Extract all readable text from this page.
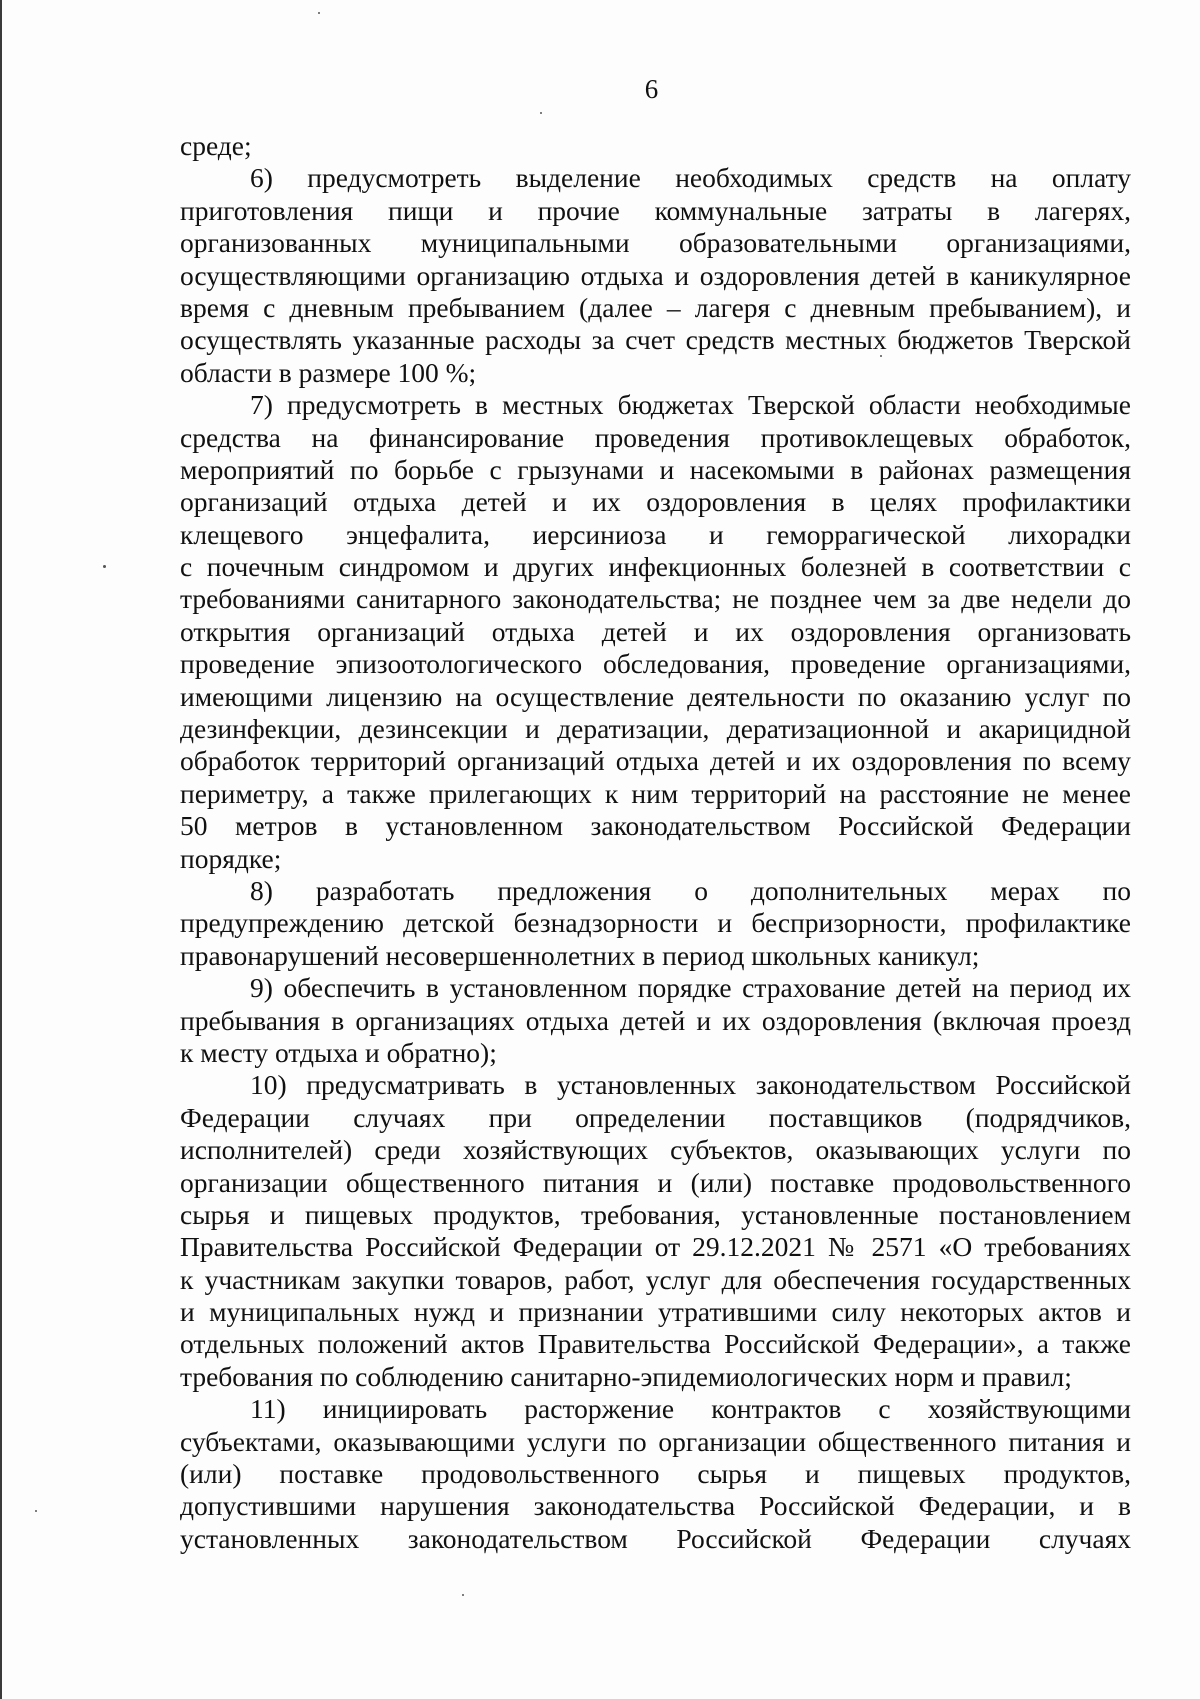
6
среде;
6) предусмотреть выделение необходимых средств на оплату
приготовления пищи и прочие коммунальные затраты в лагерях,
организованных муниципальными образовательными организациями,
осуществляющими организацию отдыха и оздоровления детей в каникулярное
время с дневным пребыванием (далее – лагеря с дневным пребыванием), и
осуществлять указанные расходы за счет средств местных бюджетов Тверской
области в размере 100 %;
7) предусмотреть в местных бюджетах Тверской области необходимые
средства на финансирование проведения противоклещевых обработок,
мероприятий по борьбе с грызунами и насекомыми в районах размещения
организаций отдыха детей и их оздоровления в целях профилактики
клещевого энцефалита, иерсиниоза и геморрагической лихорадки
с почечным синдромом и других инфекционных болезней в соответствии с
требованиями санитарного законодательства; не позднее чем за две недели до
открытия организаций отдыха детей и их оздоровления организовать
проведение эпизоотологического обследования, проведение организациями,
имеющими лицензию на осуществление деятельности по оказанию услуг по
дезинфекции, дезинсекции и дератизации, дератизационной и акарицидной
обработок территорий организаций отдыха детей и их оздоровления по всему
периметру, а также прилегающих к ним территорий на расстояние не менее
50 метров в установленном законодательством Российской Федерации
порядке;
8) разработать предложения о дополнительных мерах по
предупреждению детской безнадзорности и беспризорности, профилактике
правонарушений несовершеннолетних в период школьных каникул;
9) обеспечить в установленном порядке страхование детей на период их
пребывания в организациях отдыха детей и их оздоровления (включая проезд
к месту отдыха и обратно);
10) предусматривать в установленных законодательством Российской
Федерации случаях при определении поставщиков (подрядчиков,
исполнителей) среди хозяйствующих субъектов, оказывающих услуги по
организации общественного питания и (или) поставке продовольственного
сырья и пищевых продуктов, требования, установленные постановлением
Правительства Российской Федерации от 29.12.2021 № 2571 «О требованиях
к участникам закупки товаров, работ, услуг для обеспечения государственных
и муниципальных нужд и признании утратившими силу некоторых актов и
отдельных положений актов Правительства Российской Федерации», а также
требования по соблюдению санитарно-эпидемиологических норм и правил;
11) инициировать расторжение контрактов с хозяйствующими
субъектами, оказывающими услуги по организации общественного питания и
(или) поставке продовольственного сырья и пищевых продуктов,
допустившими нарушения законодательства Российской Федерации, и в
установленных законодательством Российской Федерации случаях
